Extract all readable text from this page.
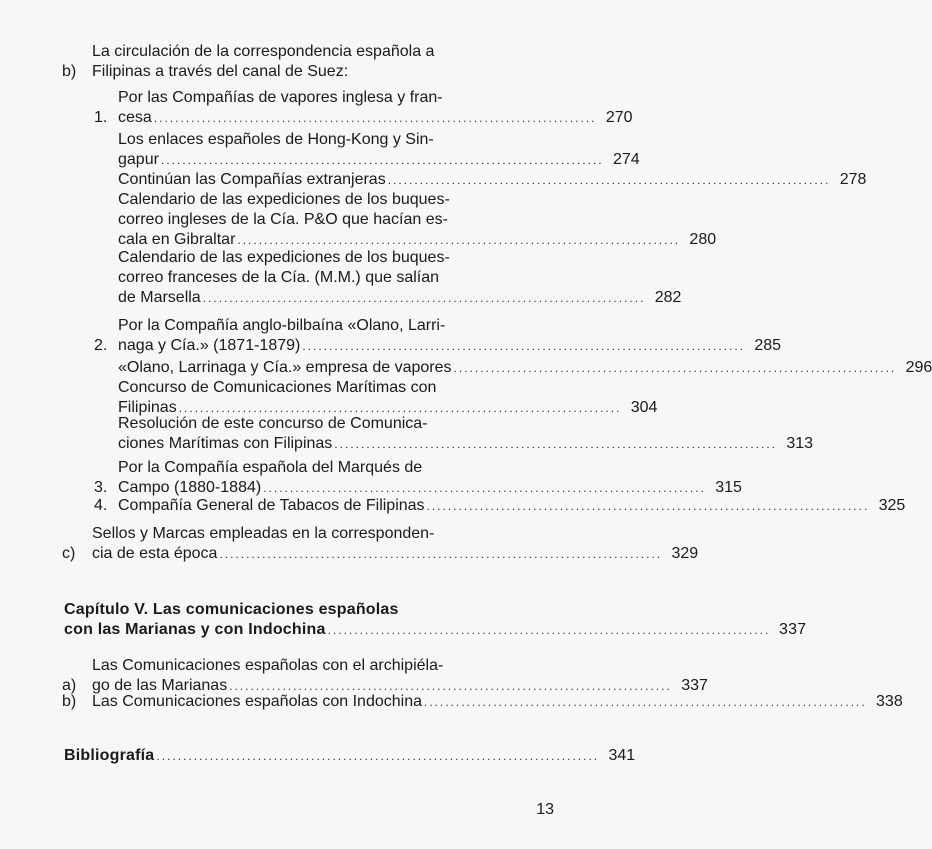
b)
La circulación de la correspondencia española a
Filipinas a través del canal de Suez:
1.
Por las Compañías de vapores inglesa y fran-
cesa ................................................................................... 270
Los enlaces españoles de Hong-Kong y Sin-
gapur ................................................................................... 274
Continúan las Compañías extranjeras ................................................................................... 278
Calendario de las expediciones de los buques-
correo ingleses de la Cía. P&O que hacían es-
cala en Gibraltar ................................................................................... 280
Calendario de las expediciones de los buques-
correo franceses de la Cía. (M.M.) que salían
de Marsella ................................................................................... 282
2.
Por la Compañía anglo-bilbaína «Olano, Larri-
naga y Cía.» (1871-1879) ................................................................................... 285
«Olano, Larrinaga y Cía.» empresa de vapores ................................................................................... 296
Concurso de Comunicaciones Marítimas con
Filipinas ................................................................................... 304
Resolución de este concurso de Comunica-
ciones Marítimas con Filipinas ................................................................................... 313
3.
Por la Compañía española del Marqués de
Campo (1880-1884) ................................................................................... 315
4. Compañía General de Tabacos de Filipinas ................................................................................... 325
c)
Sellos y Marcas empleadas en la corresponden-
cia de esta época ................................................................................... 329
Capítulo V. Las comunicaciones españolas
con las Marianas y con Indochina ................................................................................... 337
a)
Las Comunicaciones españolas con el archipiéla-
go de las Marianas ................................................................................... 337
b) Las Comunicaciones españolas con Indochina ................................................................................... 338
Bibliografía ................................................................................... 341
13
